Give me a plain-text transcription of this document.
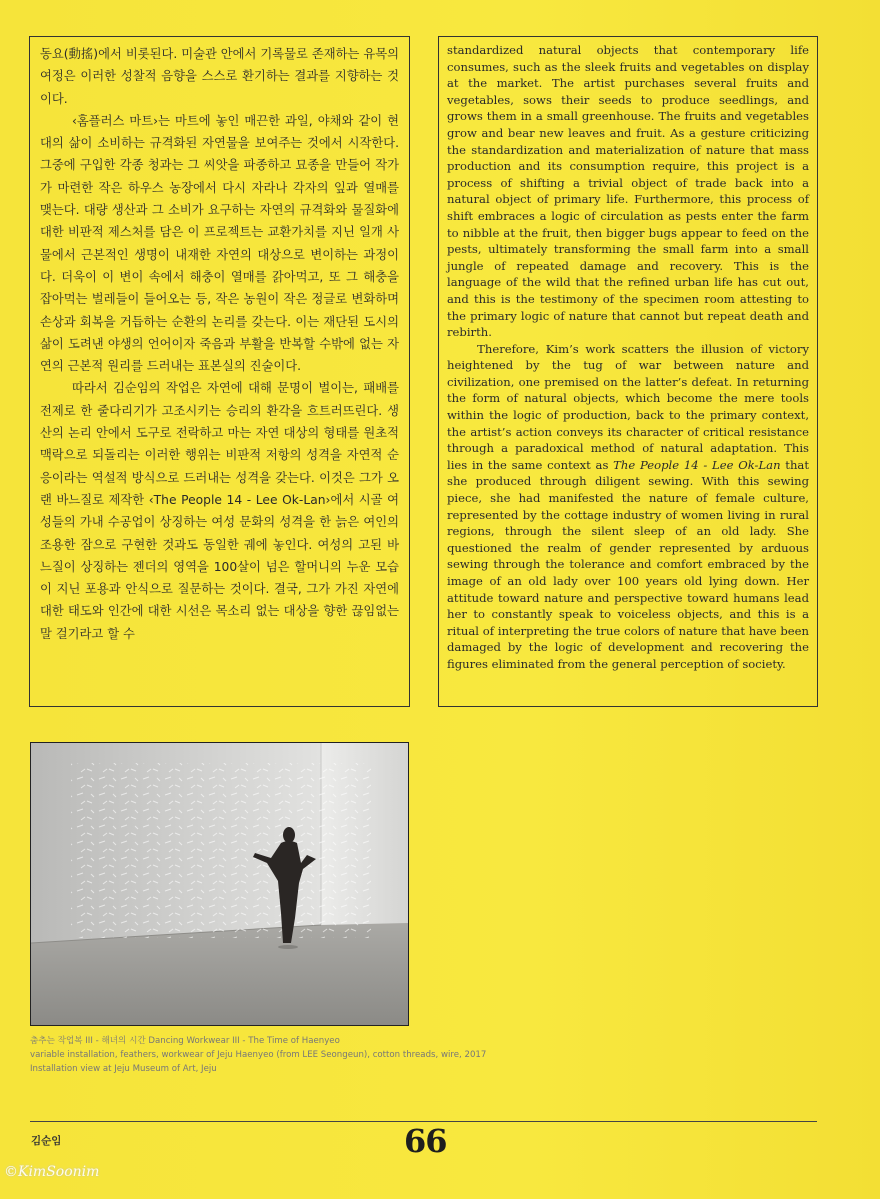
동요(動搖)에서 비롯된다. 미술관 안에서 기록물로 존재하는 유목의 여정은 이러한 성찰적 음향을 스스로 환기하는 결과를 지향하는 것이다.

‹홈플러스 마트›는 마트에 놓인 매끈한 과일, 야채와 같이 현대의 삶이 소비하는 규격화된 자연물을 보여주는 것에서 시작한다. 그중에 구입한 각종 청과는 그 씨앗을 파종하고 묘종을 만들어 작가가 마련한 작은 하우스 농장에서 다시 자라나 각자의 잎과 열매를 맺는다. 대량 생산과 그 소비가 요구하는 자연의 규격화와 물질화에 대한 비판적 제스처를 담은 이 프로젝트는 교환가치를 지닌 일개 사물에서 근본적인 생명이 내재한 자연의 대상으로 변이하는 과정이다. 더욱이 이 변이 속에서 해충이 열매를 갉아먹고, 또 그 해충을 잡아먹는 벌레들이 들어오는 등, 작은 농원이 작은 정글로 변화하며 손상과 회복을 거듭하는 순환의 논리를 갖는다. 이는 재단된 도시의 삶이 도려낸 야생의 언어이자 죽음과 부활을 반복할 수밖에 없는 자연의 근본적 원리를 드러내는 표본실의 진술이다.

따라서 김순임의 작업은 자연에 대해 문명이 벌이는, 패배를 전제로 한 줄다리기가 고조시키는 승리의 환각을 흐트러뜨린다. 생산의 논리 안에서 도구로 전락하고 마는 자연 대상의 형태를 원초적 맥락으로 되돌리는 이러한 행위는 비판적 저항의 성격을 자연적 순응이라는 역설적 방식으로 드러내는 성격을 갖는다. 이것은 그가 오랜 바느질로 제작한 ‹The People 14 - Lee Ok-Lan›에서 시골 여성들의 가내 수공업이 상징하는 여성 문화의 성격을 한 늙은 여인의 조용한 잠으로 구현한 것과도 동일한 궤에 놓인다. 여성의 고된 바느질이 상징하는 젠더의 영역을 100살이 넘은 할머니의 누운 모습이 지닌 포용과 안식으로 질문하는 것이다. 결국, 그가 가진 자연에 대한 태도와 인간에 대한 시선은 목소리 없는 대상을 향한 끊임없는 말 걸기라고 할 수

standardized natural objects that contemporary life consumes, such as the sleek fruits and vegetables on display at the market. The artist purchases several fruits and vegetables, sows their seeds to produce seedlings, and grows them in a small greenhouse. The fruits and vegetables grow and bear new leaves and fruit. As a gesture criticizing the standardization and materialization of nature that mass production and its consumption require, this project is a process of shifting a trivial object of trade back into a natural object of primary life. Furthermore, this process of shift embraces a logic of circulation as pests enter the farm to nibble at the fruit, then bigger bugs appear to feed on the pests, ultimately transforming the small farm into a small jungle of repeated damage and recovery. This is the language of the wild that the refined urban life has cut out, and this is the testimony of the specimen room attesting to the primary logic of nature that cannot but repeat death and rebirth.

Therefore, Kim’s work scatters the illusion of victory heightened by the tug of war between nature and civilization, one premised on the latter’s defeat. In returning the form of natural objects, which become the mere tools within the logic of production, back to the primary context, the artist’s action conveys its character of critical resistance through a paradoxical method of natural adaptation. This lies in the same context as The People 14 - Lee Ok-Lan that she produced through diligent sewing. With this sewing piece, she had manifested the nature of female culture, represented by the cottage industry of women living in rural regions, through the silent sleep of an old lady. She questioned the realm of gender represented by arduous sewing through the tolerance and comfort embraced by the image of an old lady over 100 years old lying down. Her attitude toward nature and perspective toward humans lead her to constantly speak to voiceless objects, and this is a ritual of interpreting the true colors of nature that have been damaged by the logic of development and recovering the figures eliminated from the general perception of society.

춤추는 작업복 III - 해녀의 시간 Dancing Workwear III - The Time of Haenyeo
variable installation, feathers, workwear of Jeju Haenyeo (from LEE Seongeun), cotton threads, wire, 2017
Installation view at Jeju Museum of Art, Jeju
김순임	66
©KimSoonim
